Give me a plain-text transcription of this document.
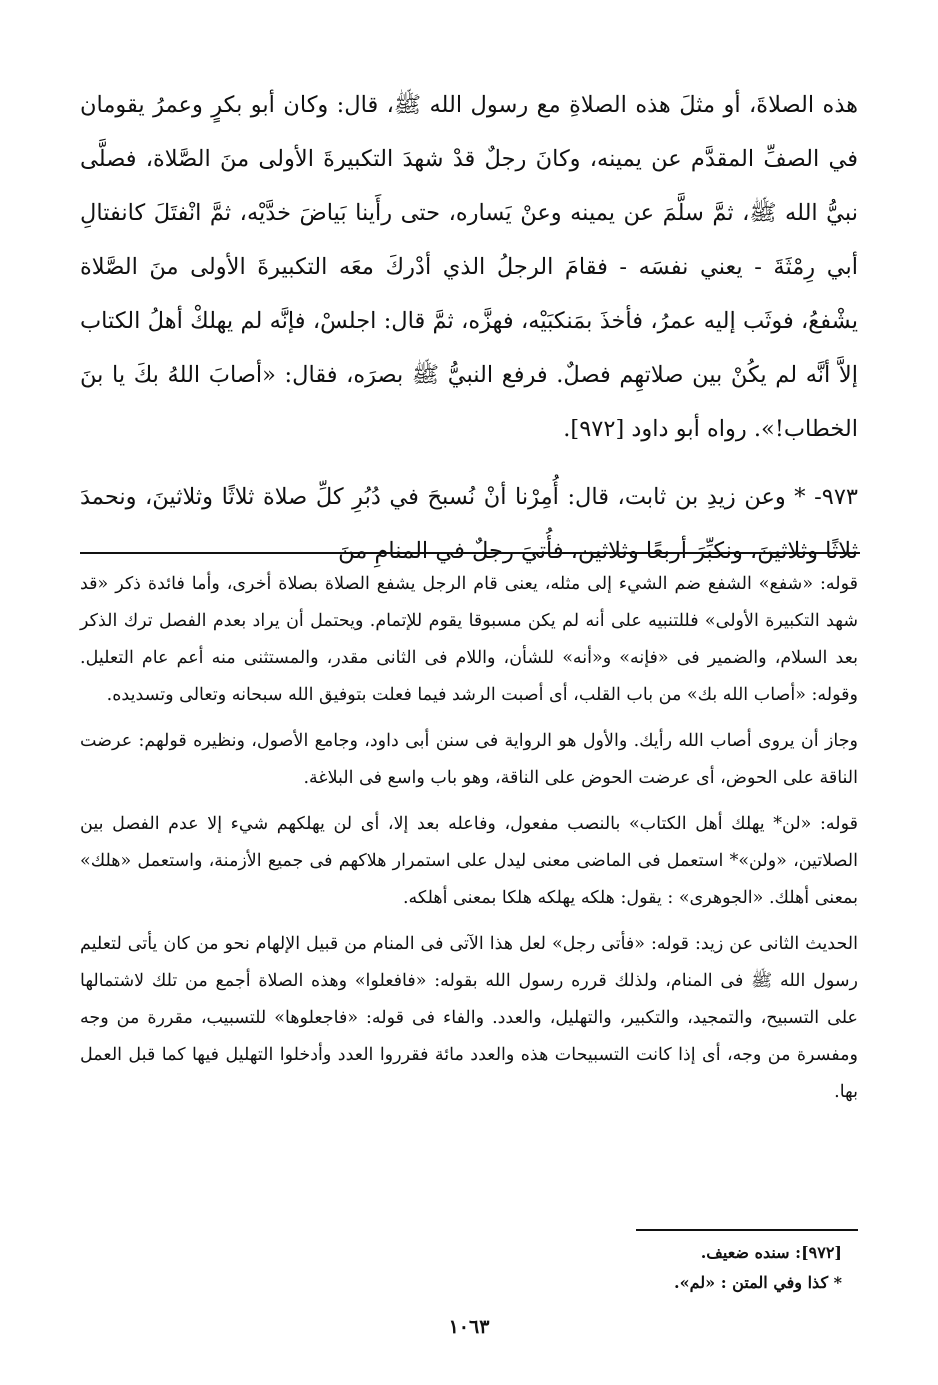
هذه الصلاةَ، أو مثلَ هذه الصلاةِ مع رسول الله ﷺ، قال: وكان أبو بكرٍ وعمرُ يقومان في الصفِّ المقدَّم عن يمينه، وكانَ رجلٌ قدْ شهدَ التكبيرةَ الأولى منَ الصَّلاة، فصلَّى نبيُّ الله ﷺ، ثمَّ سلَّمَ عن يمينه وعنْ يَساره، حتى رأَينا بَياضَ خدَّيْه، ثمَّ انْفتَلَ كانفتالِ أبي رِمْثَةَ - يعني نفسَه - فقامَ الرجلُ الذي أدْركَ معَه التكبيرةَ الأولى منَ الصَّلاة يشْفعُ، فوثَب إليه عمرُ، فأخذَ بمَنكبَيْه، فهزَّه، ثمَّ قال: اجلسْ، فإنَّه لم يهلكْ أهلُ الكتاب إلاَّ أنَّه لم يكُنْ بين صلاتهِم فصلٌ. فرفع النبيُّ ﷺ بصرَه، فقال: «أصابَ اللهُ بكَ يا بنَ الخطاب!». رواه أبو داود [٩٧٢].

٩٧٣- * وعن زيدِ بن ثابت، قال: أُمِرْنا أنْ نُسبحَ في دُبُرِ كلِّ صلاة ثلاثًا وثلاثينَ، ونحمدَ ثلاثًا وثلاثينَ، ونكبِّرَ أربعًا وثلاثين، فأُتيَ رجلٌ في المنامِ منَ

قوله: «شفع» الشفع ضم الشيء إلى مثله، يعنى قام الرجل يشفع الصلاة بصلاة أخرى، وأما فائدة ذكر «قد شهد التكبيرة الأولى» فللتنبيه على أنه لم يكن مسبوقا يقوم للإتمام. ويحتمل أن يراد بعدم الفصل ترك الذكر بعد السلام، والضمير فى «فإنه» و«أنه» للشأن، واللام فى الثانى مقدر، والمستثنى منه أعم عام التعليل. وقوله: «أصاب الله بك» من باب القلب، أى أصبت الرشد فيما فعلت بتوفيق الله سبحانه وتعالى وتسديده.

وجاز أن يروى أصاب الله رأيك. والأول هو الرواية فى سنن أبى داود، وجامع الأصول، ونظيره قولهم: عرضت الناقة على الحوض، أى عرضت الحوض على الناقة، وهو باب واسع فى البلاغة.

قوله: «لن* يهلك أهل الكتاب» بالنصب مفعول، وفاعله بعد إلا، أى لن يهلكهم شيء إلا عدم الفصل بين الصلاتين، «ولن»* استعمل فى الماضى معنى ليدل على استمرار هلاكهم فى جميع الأزمنة، واستعمل «هلك» بمعنى أهلك. «الجوهرى» : يقول: هلكه يهلكه هلكا بمعنى أهلكه.

الحديث الثانى عن زيد: قوله: «فأتى رجل» لعل هذا الآتى فى المنام من قبيل الإلهام نحو من كان يأتى لتعليم رسول الله ﷺ فى المنام، ولذلك قرره رسول الله بقوله: «فافعلوا» وهذه الصلاة أجمع من تلك لاشتمالها على التسبيح، والتمجيد، والتكبير، والتهليل، والعدد. والفاء فى قوله: «فاجعلوها» للتسبيب، مقررة من وجه ومفسرة من وجه، أى إذا كانت التسبيحات هذه والعدد مائة فقرروا العدد وأدخلوا التهليل فيها كما قبل العمل بها.

[٩٧٢]: سنده ضعيف.
* كذا وفي المتن : «لم».
١٠٦٣
